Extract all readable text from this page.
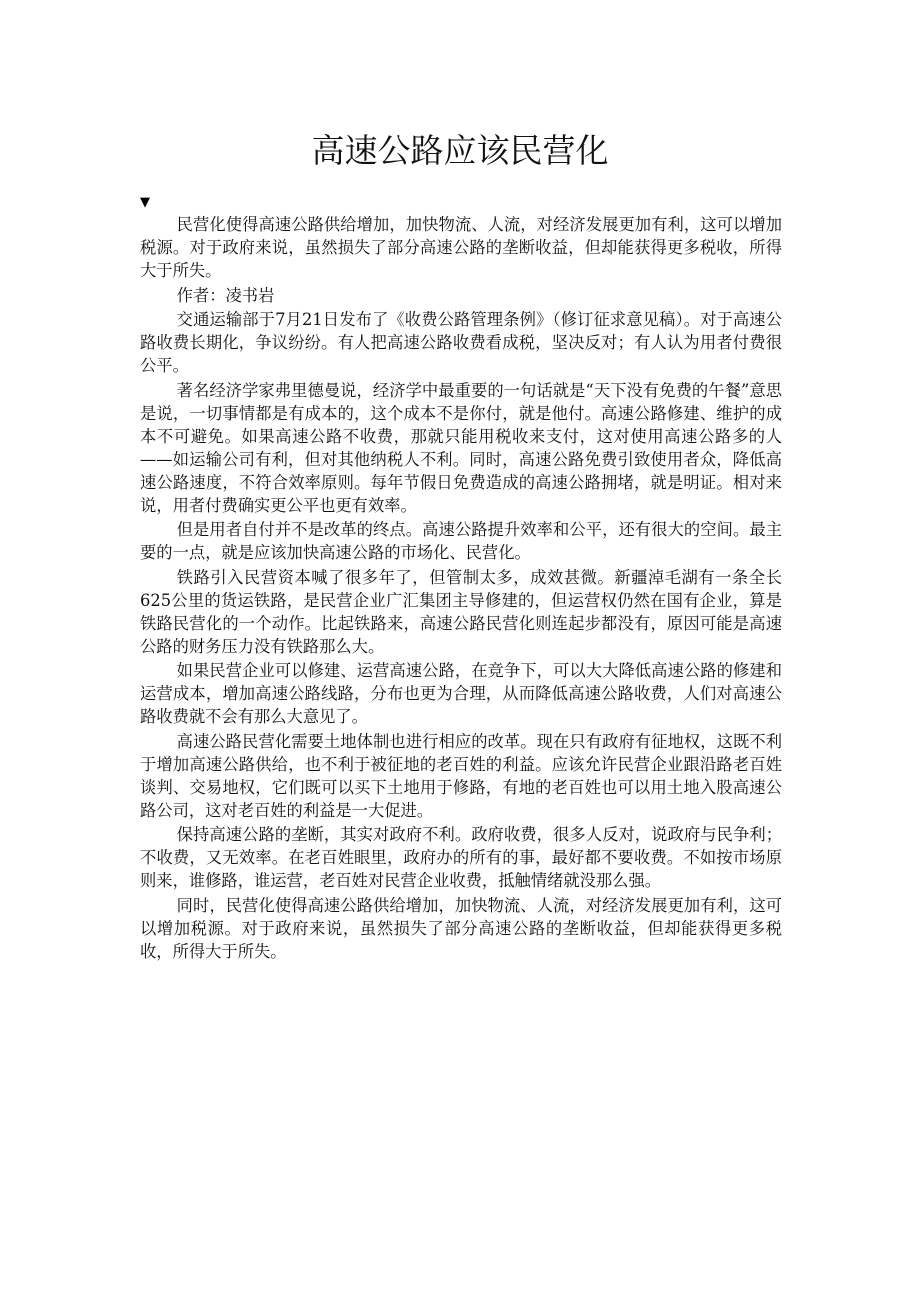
高速公路应该民营化
▼

民营化使得高速公路供给增加，加快物流、人流，对经济发展更加有利，这可以增加税源。对于政府来说，虽然损失了部分高速公路的垄断收益，但却能获得更多税收，所得大于所失。

作者：凌书岩

交通运输部于7月21日发布了《收费公路管理条例》（修订征求意见稿）。对于高速公路收费长期化，争议纷纷。有人把高速公路收费看成税，坚决反对；有人认为用者付费很公平。

著名经济学家弗里德曼说，经济学中最重要的一句话就是“天下没有免费的午餐”意思是说，一切事情都是有成本的，这个成本不是你付，就是他付。高速公路修建、维护的成本不可避免。如果高速公路不收费，那就只能用税收来支付，这对使用高速公路多的人——如运输公司有利，但对其他纳税人不利。同时，高速公路免费引致使用者众，降低高速公路速度，不符合效率原则。每年节假日免费造成的高速公路拥堵，就是明证。相对来说，用者付费确实更公平也更有效率。

但是用者自付并不是改革的终点。高速公路提升效率和公平，还有很大的空间。最主要的一点，就是应该加快高速公路的市场化、民营化。

铁路引入民营资本喊了很多年了，但管制太多，成效甚微。新疆淖毛湖有一条全长625公里的货运铁路，是民营企业广汇集团主导修建的，但运营权仍然在国有企业，算是铁路民营化的一个动作。比起铁路来，高速公路民营化则连起步都没有，原因可能是高速公路的财务压力没有铁路那么大。

如果民营企业可以修建、运营高速公路，在竞争下，可以大大降低高速公路的修建和运营成本，增加高速公路线路，分布也更为合理，从而降低高速公路收费，人们对高速公路收费就不会有那么大意见了。

高速公路民营化需要土地体制也进行相应的改革。现在只有政府有征地权，这既不利于增加高速公路供给，也不利于被征地的老百姓的利益。应该允许民营企业跟沿路老百姓谈判、交易地权，它们既可以买下土地用于修路，有地的老百姓也可以用土地入股高速公路公司，这对老百姓的利益是一大促进。

保持高速公路的垄断，其实对政府不利。政府收费，很多人反对，说政府与民争利；不收费，又无效率。在老百姓眼里，政府办的所有的事，最好都不要收费。不如按市场原则来，谁修路，谁运营，老百姓对民营企业收费，抵触情绪就没那么强。

同时，民营化使得高速公路供给增加，加快物流、人流，对经济发展更加有利，这可以增加税源。对于政府来说，虽然损失了部分高速公路的垄断收益，但却能获得更多税收，所得大于所失。
